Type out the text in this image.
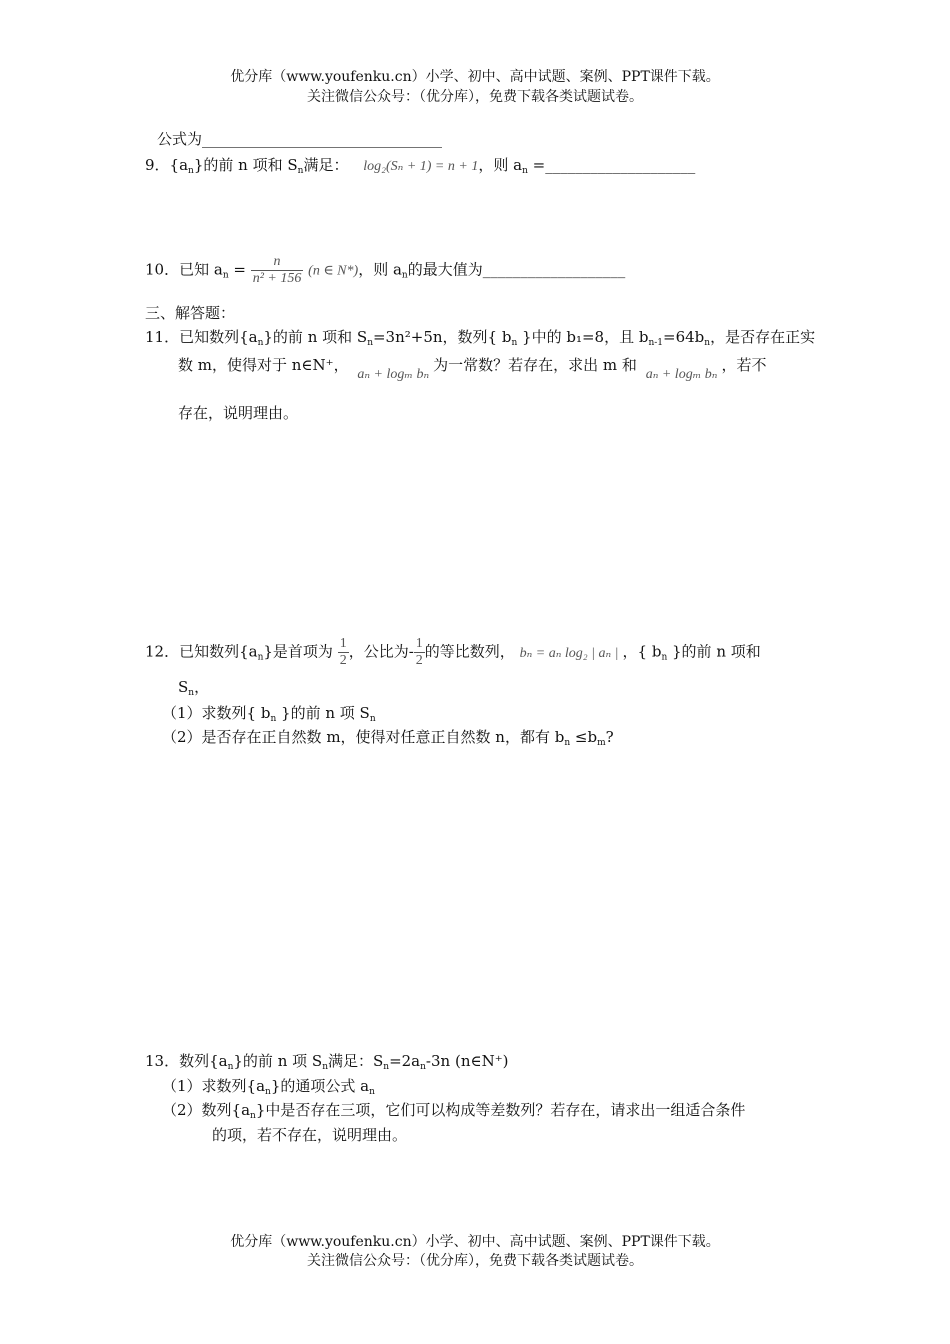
优分库（www.youfenku.cn）小学、初中、高中试题、案例、PPT课件下载。
关注微信公众号：（优分库），免费下载各类试题试卷。
公式为________________________________
9．$\{a_n\}$的前 n 项和 $S_n$满足： log₂(Sₙ + 1) = n + 1，则 $a_n$ =____________________
10．已知 $a_n = \frac{n}{\text{n² + 156}} (n$ ∈ N*)，则 $a_n$的最大值为___________________
三、解答题：
11．已知数列$\{a_n\}$的前 n 项和 $S_n=3n^2+5n$，数列{ $b_n$ }中的 b₁=8，且 $b_{n-1}=64b_n$，是否存在正实
数 m，使得对于 n∈N⁺， aₙ + logₘ bₙ为一常数？若存在，求出 m 和 aₙ + logₘ bₙ，若不
存在，说明理由。
12．已知数列$\{a_n\}$是首项为 $\frac{1}{2}$ ，公比为- $\frac{1}{2}$ 的等比数列， bₙ = aₙ log₂ | aₙ | ，{ $b_n$ }的前 n 项和
$S_n$，
（1）求数列{ $b_n$ }的前 n 项 $S_n$
（2）是否存在正自然数 m，使得对任意正自然数 n，都有 $b_n \le b_m$?
13．数列$\{a_n\}$的前 n 项 $S_n$满足：$S_n=2a_n-3n$ (n∈N⁺)
（1）求数列$\{a_n\}$的通项公式 $a_n$
（2）数列$\{a_n\}$中是否存在三项，它们可以构成等差数列？若存在，请求出一组适合条件
的项，若不存在，说明理由。
优分库（www.youfenku.cn）小学、初中、高中试题、案例、PPT课件下载。
关注微信公众号：（优分库），免费下载各类试题试卷。
